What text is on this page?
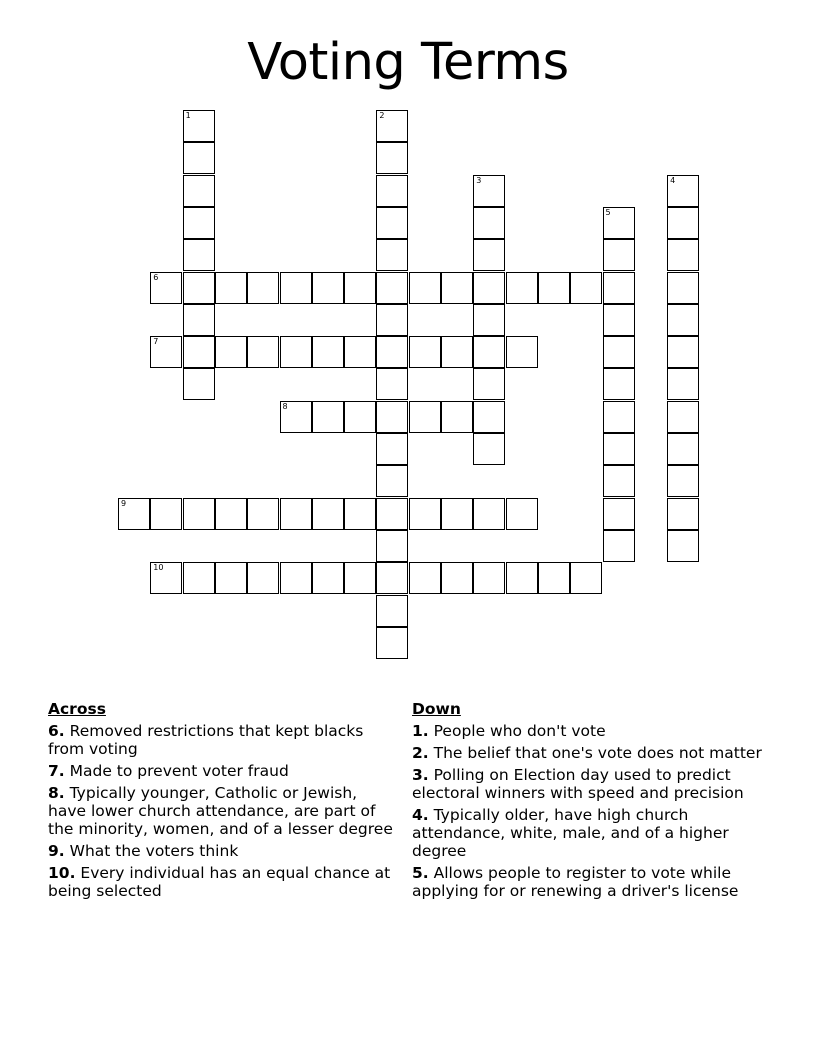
Voting Terms
1	2
3	4
5
6
7
8
9
10
Across
6. Removed restrictions that kept blacks from voting
7. Made to prevent voter fraud
8. Typically younger, Catholic or Jewish, have lower church attendance, are part of the minority, women, and of a lesser degree
9. What the voters think
10. Every individual has an equal chance at being selected
Down
1. People who don't vote
2. The belief that one's vote does not matter
3. Polling on Election day used to predict electoral winners with speed and precision
4. Typically older, have high church attendance, white, male, and of a higher degree
5. Allows people to register to vote while applying for or renewing a driver's license
